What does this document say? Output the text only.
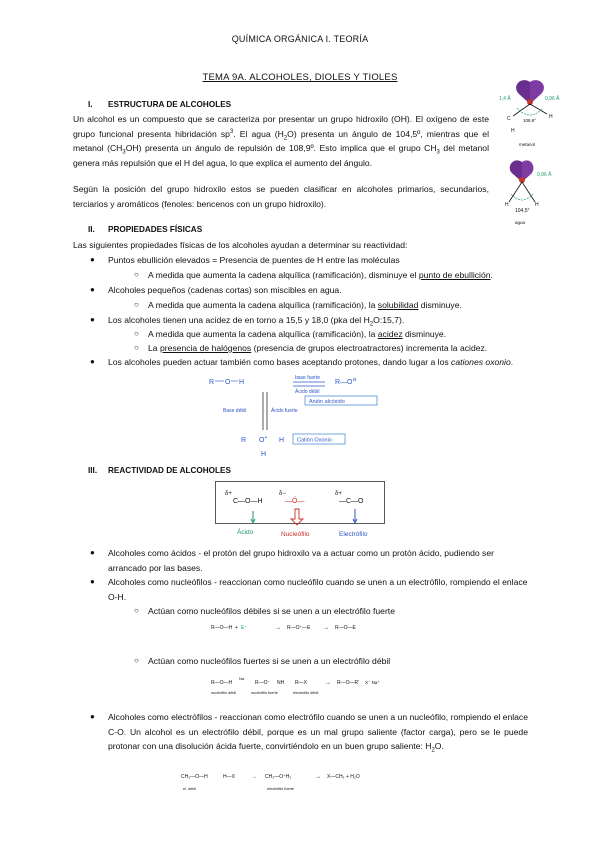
QUÍMICA ORGÁNICA I. TEORÍA
TEMA 9A. ALCOHOLES, DIOLES Y TIOLES
I. ESTRUCTURA DE ALCOHOLES

Un alcohol es un compuesto que se caracteriza por presentar un grupo hidroxilo (OH). El oxígeno de este grupo funcional presenta hibridación $sp^3$. El agua $(H_2O)$ presenta un ángulo de 104,5º, mientras que el metanol $(CH_3OH)$ presenta un ángulo de repulsión de 108,9º. Esto implica que el grupo $CH_3$ del metanol genera más repulsión que el H del agua, lo que explica el aumento del ángulo.

Según la posición del grupo hidroxilo estos se pueden clasificar en alcoholes primarios, secundarios, terciarios y aromáticos (fenoles: bencenos con un grupo hidroxilo).

1,4 Å	0,96 Å
108,9°
C	H
H
metanol
0,96 Å
104,5°
H	H
agua
II. PROPIEDADES FÍSICAS

Las siguientes propiedades físicas de los alcoholes ayudan a determinar su reactividad:

● Puntos ebullición elevados = Presencia de puentes de H entre las moléculas
○ A medida que aumenta la cadena alquílica (ramificación), disminuye el punto de ebullición.
● Alcoholes pequeños (cadenas cortas) son miscibles en agua.
○ A medida que aumenta la cadena alquílica (ramificación), la solubilidad disminuye.
● Los alcoholes tienen una acidez de en torno a 15,5 y 18,0 (pka del $H_2O:15,7$).
○ A medida que aumenta la cadena alquílica (ramificación), la acidez disminuye.
○ La presencia de halógenos (presencia de grupos electroatractores) incrementa la acidez.
● Los alcoholes pueden actuar también como bases aceptando protones, dando lugar a los cationes oxonio.
R O H
base fuerte
Ácido débil
R—O⊖
Anión alcóxido
Base débil	Ácido fuerte
R O+ H
H
Catión Oxonio
III. REACTIVIDAD DE ALCOHOLES
δ+
C—O—H
δ−
—Ö—
δ+
—C—O
Ácido	Nucleófilo	Electrófilo
● Alcoholes como ácidos - el protón del grupo hidroxilo va a actuar como un protón ácido, pudiendo ser arrancado por las bases.
● Alcoholes como nucleófilos - reaccionan como nucleófilo cuando se unen a un electrófilo, rompiendo el enlace O-H.
○ Actúan como nucleófilos débiles si se unen a un electrófilo fuerte
R—O—H + E⁺	→ R—O⁺—E → R—O—E
○ Actúan como nucleófilos fuertes si se unen a un electrófilo débil
R—O—H
Na
R—O⁻ NH R—X	→ R—O—R' X⁻ Na⁺
nucleófilo débil	nucleófilo fuerte	electrófilo débil
● Alcoholes como electrófilos - reaccionan como electrófilo cuando se unen a un nucleófilo, rompiendo el enlace C-O. Un alcohol es un electrófilo débil, porque es un mal grupo saliente (factor carga), pero se le puede protonar con una disolución ácida fuerte, convirtiéndolo en un buen grupo saliente: $H_2O$.
CH₃—O—H	H—X	→ CH₃—O⁺H₂	→ X—CH₃ + H₂O
el. débil	electrófilo fuerte
